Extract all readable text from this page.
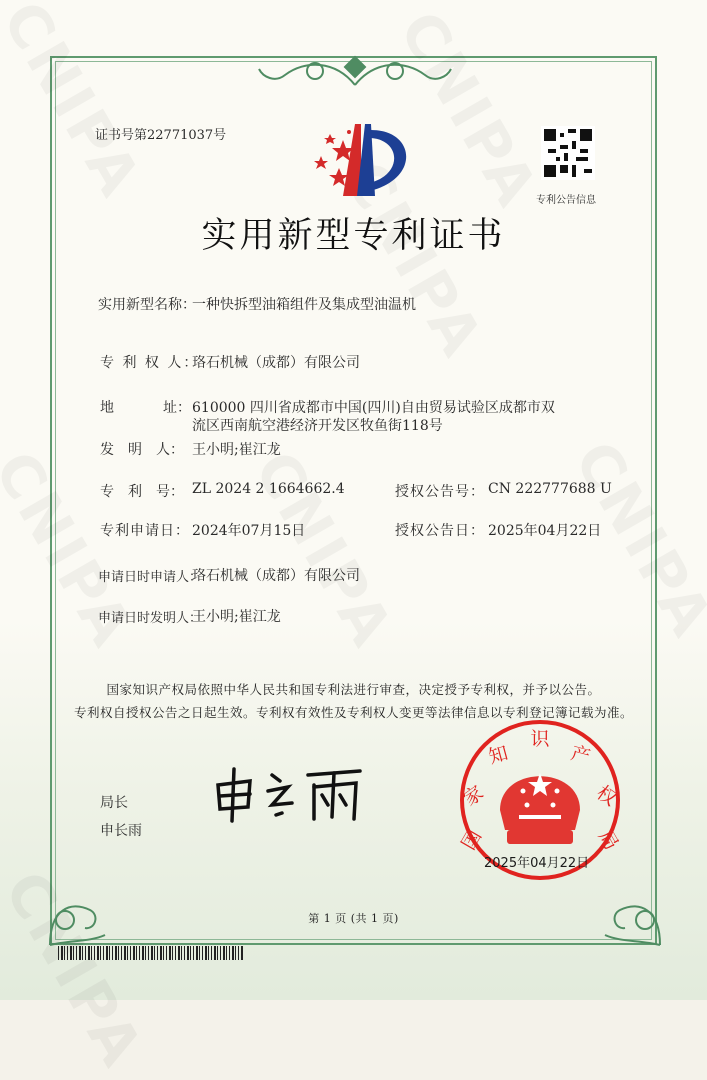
证书号第22771037号
专利公告信息
实用新型专利证书
实用新型名称：
一种快拆型油箱组件及集成型油温机
专 利 权 人：
珞石机械（成都）有限公司
地	址： 610000 四川省成都市中国(四川)自由贸易试验区成都市双
流区西南航空港经济开发区牧鱼街118号
发　明　人： 王小明;崔江龙
专　利　号： ZL 2024 2 1664662.4	授权公告号： CN 222777688 U
专利申请日： 2024年07月15日	授权公告日： 2025年04月22日
申请日时申请人：
珞石机械（成都）有限公司
申请日时发明人：
王小明;崔江龙
国家知识产权局依照中华人民共和国专利法进行审查，决定授予专利权，并予以公告。
专利权自授权公告之日起生效。专利权有效性及专利权人变更等法律信息以专利登记簿记载为准。
局长
申长雨	国
家
知
识
产
权
局
2025年04月22日
第 1 页 (共 1 页)
